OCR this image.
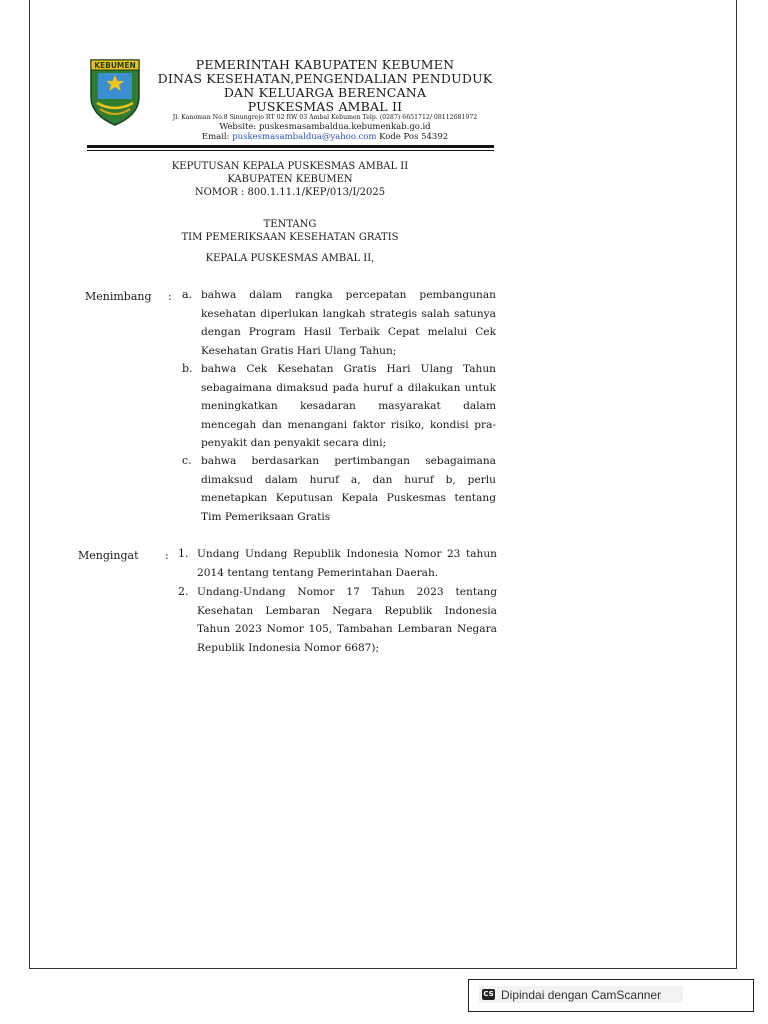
KEBUMEN	PEMERINTAH KABUPATEN KEBUMEN
DINAS KESEHATAN,PENGENDALIAN PENDUDUK
DAN KELUARGA BERENCANA
PUSKESMAS AMBAL II
Jl. Kanoman No.8 Sinungrejo RT 02 RW 03 Ambal Kebumen Telp. (0287) 6651712/ 08112681972
Website: puskesmasambaldua.kebumenkab.go.id
Email: puskesmasambaldua@yahoo.com Kode Pos 54392
KEPUTUSAN KEPALA PUSKESMAS AMBAL II
KABUPATEN KEBUMEN
NOMOR : 800.1.11.1/KEP/013/I/2025
TENTANG
TIM PEMERIKSAAN KESEHATAN GRATIS
KEPALA PUSKESMAS AMBAL II,
Menimbang : a. bahwa dalam rangka percepatan pembangunan kesehatan diperlukan langkah strategis salah satunya dengan Program Hasil Terbaik Cepat melalui Cek Kesehatan Gratis Hari Ulang Tahun;
b. bahwa Cek Kesehatan Gratis Hari Ulang Tahun sebagaimana dimaksud pada huruf a dilakukan untuk meningkatkan kesadaran masyarakat dalam mencegah dan menangani faktor risiko, kondisi pra-penyakit dan penyakit secara dini;
c. bahwa berdasarkan pertimbangan sebagaimana dimaksud dalam huruf a, dan huruf b, perlu menetapkan Keputusan Kepala Puskesmas tentang Tim Pemeriksaan Gratis
Mengingat : 1. Undang Undang Republik Indonesia Nomor 23 tahun 2014 tentang tentang Pemerintahan Daerah.
2. Undang-Undang Nomor 17 Tahun 2023 tentang Kesehatan Lembaran Negara Republik Indonesia Tahun 2023 Nomor 105, Tambahan Lembaran Negara Republik Indonesia Nomor 6687);
CS Dipindai dengan CamScanner
